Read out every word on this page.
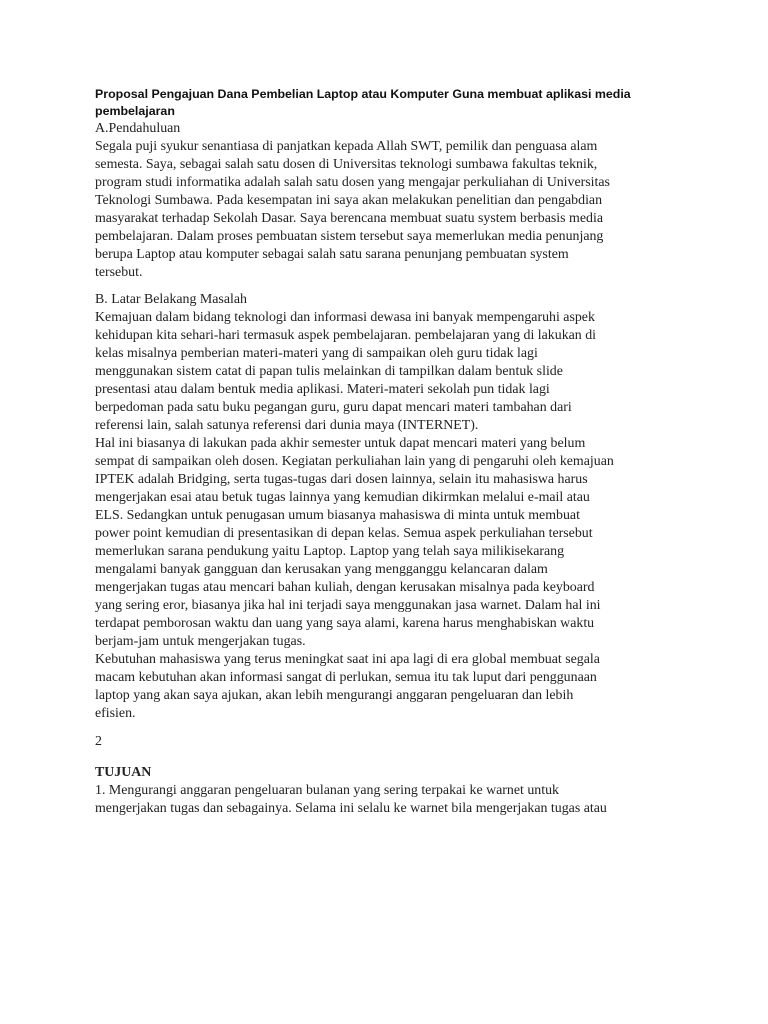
Proposal Pengajuan Dana Pembelian Laptop atau Komputer Guna membuat aplikasi media
pembelajaran
A.Pendahuluan

Segala puji syukur senantiasa di panjatkan kepada Allah SWT, pemilik dan penguasa alam
semesta. Saya, sebagai salah satu dosen di Universitas teknologi sumbawa fakultas teknik,
program studi informatika adalah salah satu dosen yang mengajar perkuliahan di Universitas
Teknologi Sumbawa. Pada kesempatan ini saya akan melakukan penelitian dan pengabdian
masyarakat terhadap Sekolah Dasar. Saya berencana membuat suatu system berbasis media
pembelajaran. Dalam proses pembuatan sistem tersebut saya memerlukan media penunjang
berupa Laptop atau komputer sebagai salah satu sarana penunjang pembuatan system
tersebut.

B. Latar Belakang Masalah

Kemajuan dalam bidang teknologi dan informasi dewasa ini banyak mempengaruhi aspek
kehidupan kita sehari-hari termasuk aspek pembelajaran. pembelajaran yang di lakukan di
kelas misalnya pemberian materi-materi yang di sampaikan oleh guru tidak lagi
menggunakan sistem catat di papan tulis melainkan di tampilkan dalam bentuk slide
presentasi atau dalam bentuk media aplikasi. Materi-materi sekolah pun tidak lagi
berpedoman pada satu buku pegangan guru, guru dapat mencari materi tambahan dari
referensi lain, salah satunya referensi dari dunia maya (INTERNET).

Hal ini biasanya di lakukan pada akhir semester untuk dapat mencari materi yang belum
sempat di sampaikan oleh dosen. Kegiatan perkuliahan lain yang di pengaruhi oleh kemajuan
IPTEK adalah Bridging, serta tugas-tugas dari dosen lainnya, selain itu mahasiswa harus
mengerjakan esai atau betuk tugas lainnya yang kemudian dikirmkan melalui e-mail atau
ELS. Sedangkan untuk penugasan umum biasanya mahasiswa di minta untuk membuat
power point kemudian di presentasikan di depan kelas. Semua aspek perkuliahan tersebut
memerlukan sarana pendukung yaitu Laptop. Laptop yang telah saya milikisekarang
mengalami banyak gangguan dan kerusakan yang mengganggu kelancaran dalam
mengerjakan tugas atau mencari bahan kuliah, dengan kerusakan misalnya pada keyboard
yang sering eror, biasanya jika hal ini terjadi saya menggunakan jasa warnet. Dalam hal ini
terdapat pemborosan waktu dan uang yang saya alami, karena harus menghabiskan waktu
berjam-jam untuk mengerjakan tugas.

Kebutuhan mahasiswa yang terus meningkat saat ini apa lagi di era global membuat segala
macam kebutuhan akan informasi sangat di perlukan, semua itu tak luput dari penggunaan
laptop yang akan saya ajukan, akan lebih mengurangi anggaran pengeluaran dan lebih
efisien.

2
TUJUAN

1. Mengurangi anggaran pengeluaran bulanan yang sering terpakai ke warnet untuk
mengerjakan tugas dan sebagainya. Selama ini selalu ke warnet bila mengerjakan tugas atau
